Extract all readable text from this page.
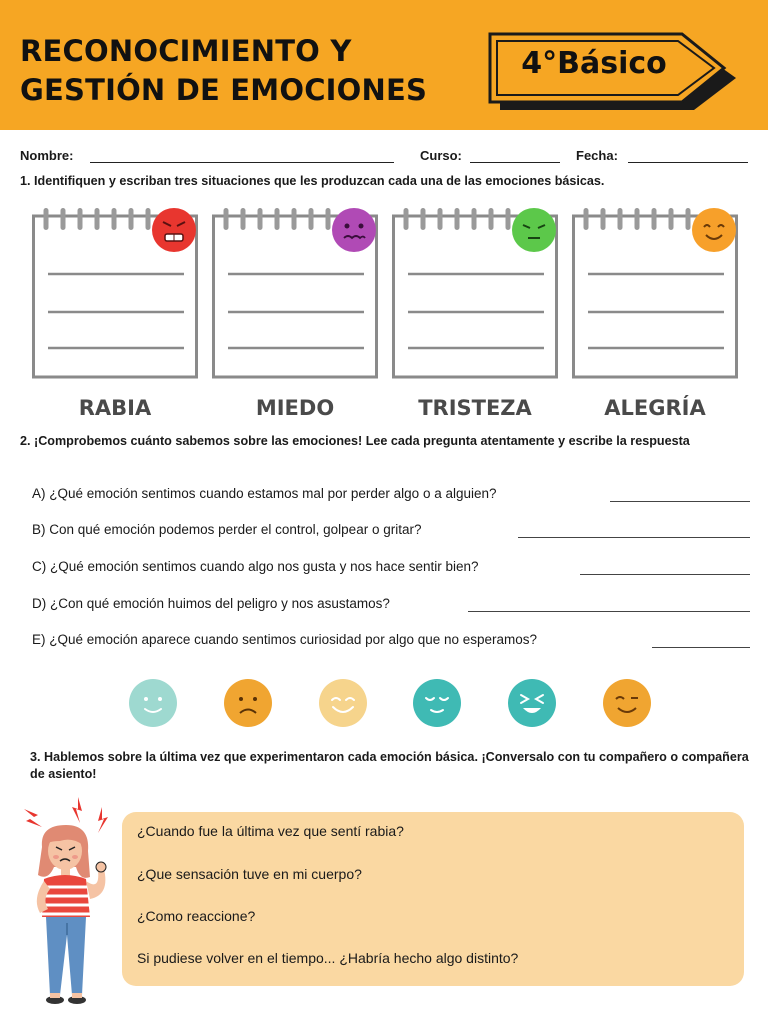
RECONOCIMIENTO Y
GESTIÓN DE EMOCIONES
4°Básico
Nombre:	Curso:	Fecha:
1. Identifiquen y escriban tres situaciones que les produzcan cada una de las emociones básicas.
RABIA	MIEDO	TRISTEZA	ALEGRÍA
2. ¡Comprobemos cuánto sabemos sobre las emociones! Lee cada pregunta atentamente y escribe la respuesta
A) ¿Qué emoción sentimos cuando estamos mal por perder algo o a alguien?
B) Con qué emoción podemos perder el control, golpear o gritar?
C) ¿Qué emoción sentimos cuando algo nos gusta y nos hace sentir bien?
D) ¿Con qué emoción huimos del peligro y nos asustamos?
E) ¿Qué emoción aparece cuando sentimos curiosidad por algo que no esperamos?
3. Hablemos sobre la última vez que experimentaron cada emoción básica. ¡Conversalo con tu compañero o compañera de asiento!
¿Cuando fue la última vez que sentí rabia?
¿Que sensación tuve en mi cuerpo?
¿Como reaccione?
Si pudiese volver en el tiempo... ¿Habría hecho algo distinto?
